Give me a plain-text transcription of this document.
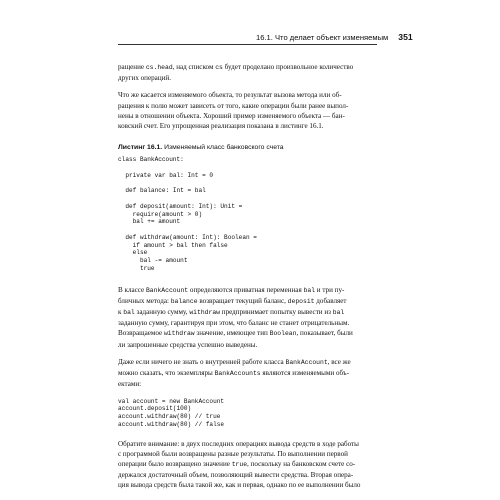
16.1. Что делает объект изменяемым 351

ращение cs.head, над списком cs будет проделано произвольное количество
других операций.

Что же касается изменяемого объекта, то результат вызова метода или об-
ращения к полю может зависеть от того, какие операции были ранее выпол-
нены в отношении объекта. Хороший пример изменяемого объекта — бан-
ковский счет. Его упрощенная реализация показана в листинге 16.1.

Листинг 16.1. Изменяемый класс банковского счета
class BankAccount:

private var bal: Int = 0

def balance: Int = bal

def deposit(amount: Int): Unit =
require(amount > 0)
bal += amount

def withdraw(amount: Int): Boolean =
if amount > bal then false
else
bal -= amount
true

В классе BankAccount определяются приватная переменная bal и три пу-
бличных метода: balance возвращает текущий баланс, deposit добавляет
к bal заданную сумму, withdraw предпринимает попытку вывести из bal
заданную сумму, гарантируя при этом, что баланс не станет отрицательным.
Возвращаемое withdraw значение, имеющее тип Boolean, показывает, были
ли запрошенные средства успешно выведены.

Даже если ничего не знать о внутренней работе класса BankAccount, все же
можно сказать, что экземпляры BankAccounts являются изменяемыми объ-
ектами:

val account = new BankAccount
account.deposit(100)
account.withdraw(80) // true
account.withdraw(80) // false

Обратите внимание: в двух последних операциях вывода средств в ходе работы
с программой были возвращены разные результаты. По выполнении первой
операции было возвращено значение true, поскольку на банковском счете со-
держался достаточный объем, позволяющий вывести средства. Вторая опера-
ция вывода средств была такой же, как и первая, однако по ее выполнении было
